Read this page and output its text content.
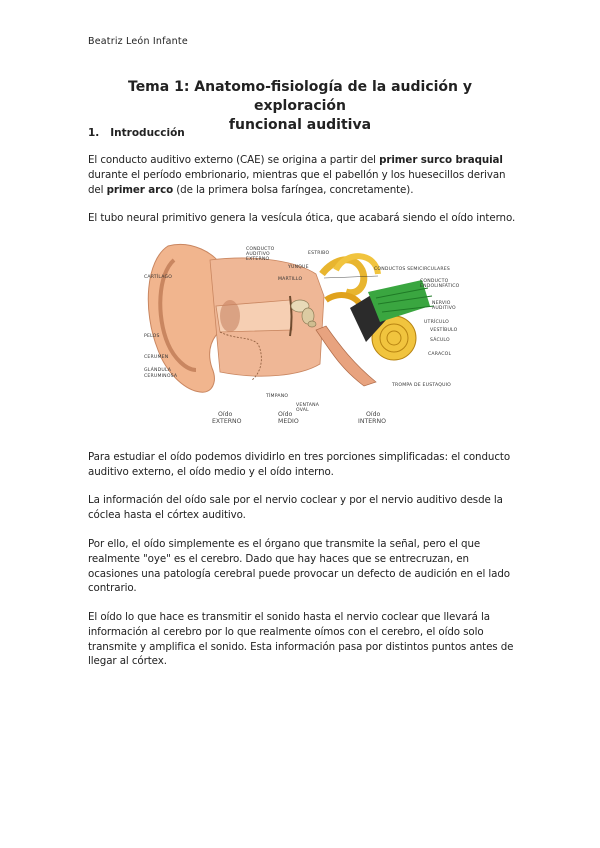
Beatriz León Infante
Tema 1: Anatomo-fisiología de la audición y exploración
funcional auditiva
1. Introducción
El conducto auditivo externo (CAE) se origina a partir del primer surco braquial durante el período embrionario, mientras que el pabellón y los huesecillos derivan del primer arco (de la primera bolsa faríngea, concretamente).
El tubo neural primitivo genera la vesícula ótica, que acabará siendo el oído interno.
CARTÍLAGO
PELOS
CERUMEN
GLÁNDULA
CERUMINOSA
CONDUCTO
AUDITIVO
EXTERNO
YUNQUE
ESTRIBO
MARTILLO
TÍMPANO
VENTANA
OVAL
CONDUCTOS SEMICIRCULARES
CONDUCTO
ENDOLINFÁTICO
NERVIO
AUDITIVO
UTRÍCULO
VESTÍBULO
SÁCULO
CARACOL
TROMPA DE EUSTAQUIO
Oído
EXTERNO
Oído
MEDIO
Oído
INTERNO
Para estudiar el oído podemos dividirlo en tres porciones simplificadas: el conducto auditivo externo, el oído medio y el oído interno.
La información del oído sale por el nervio coclear y por el nervio auditivo desde la cóclea hasta el córtex auditivo.
Por ello, el oído simplemente es el órgano que transmite la señal, pero el que realmente "oye" es el cerebro. Dado que hay haces que se entrecruzan, en ocasiones una patología cerebral puede provocar un defecto de audición en el lado contrario.
El oído lo que hace es transmitir el sonido hasta el nervio coclear que llevará la información al cerebro por lo que realmente oímos con el cerebro, el oído solo transmite y amplifica el sonido. Esta información pasa por distintos puntos antes de llegar al córtex.
